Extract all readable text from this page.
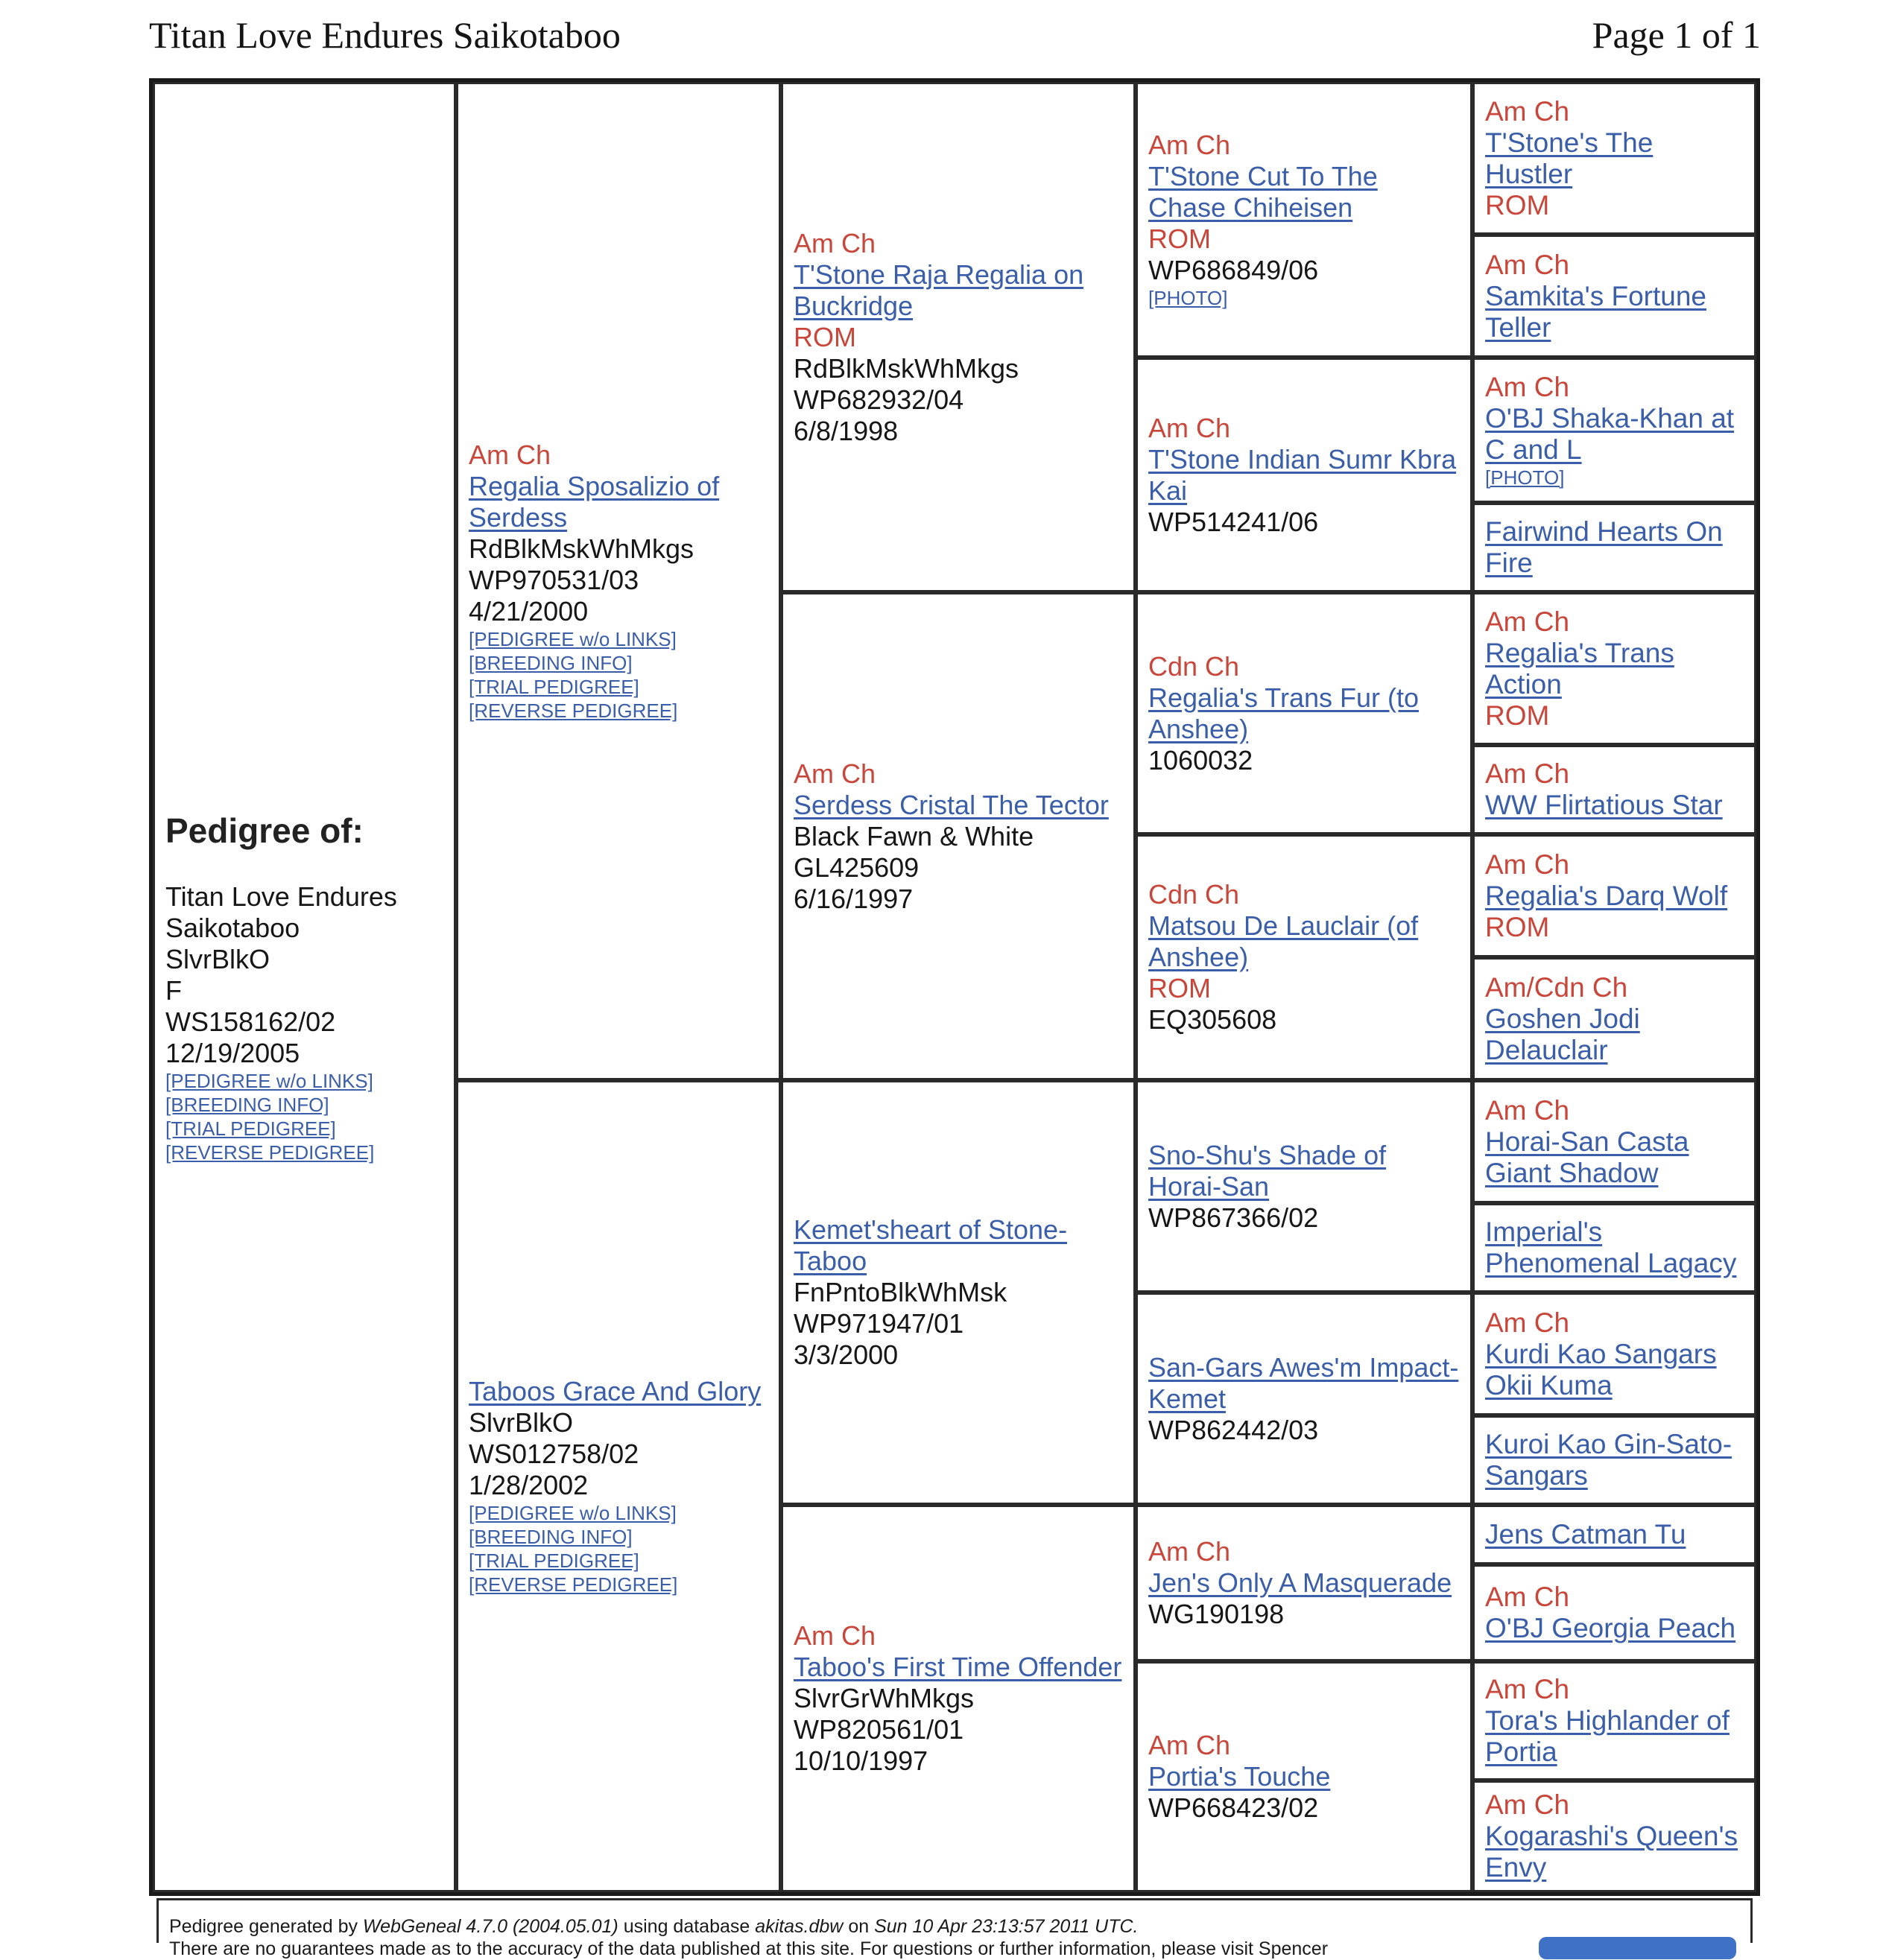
Titan Love Endures Saikotaboo	Page 1 of 1
Pedigree of:
Titan Love Endures
Saikotaboo
SlvrBlkO
F
WS158162/02
12/19/2005
[PEDIGREE w/o LINKS]
[BREEDING INFO]
[TRIAL PEDIGREE]
[REVERSE PEDIGREE]
Am Ch
Regalia Sposalizio of Serdess
RdBlkMskWhMkgs
WP970531/03
4/21/2000
[PEDIGREE w/o LINKS]
[BREEDING INFO]
[TRIAL PEDIGREE]
[REVERSE PEDIGREE]
Taboos Grace And Glory
SlvrBlkO
WS012758/02
1/28/2002
[PEDIGREE w/o LINKS]
[BREEDING INFO]
[TRIAL PEDIGREE]
[REVERSE PEDIGREE]
Am Ch
T'Stone Raja Regalia on Buckridge
ROM
RdBlkMskWhMkgs
WP682932/04
6/8/1998
Am Ch
Serdess Cristal The Tector
Black Fawn & White
GL425609
6/16/1997
Kemet'sheart of Stone-Taboo
FnPntoBlkWhMsk
WP971947/01
3/3/2000
Am Ch
Taboo's First Time Offender
SlvrGrWhMkgs
WP820561/01
10/10/1997
Am Ch
T'Stone Cut To The Chase Chiheisen
ROM
WP686849/06
[PHOTO]
Am Ch
T'Stone Indian Sumr Kbra Kai
WP514241/06
Cdn Ch
Regalia's Trans Fur (to Anshee)
1060032
Cdn Ch
Matsou De Lauclair (of Anshee)
ROM
EQ305608
Sno-Shu's Shade of Horai-San
WP867366/02
San-Gars Awes'm Impact-Kemet
WP862442/03
Am Ch
Jen's Only A Masquerade
WG190198
Am Ch
Portia's Touche
WP668423/02
Am Ch
T'Stone's The Hustler
ROM
Am Ch
Samkita's Fortune Teller
Am Ch
O'BJ Shaka-Khan at C and L
[PHOTO]
Fairwind Hearts On Fire
Am Ch
Regalia's Trans Action
ROM
Am Ch
WW Flirtatious Star
Am Ch
Regalia's Darq Wolf
ROM
Am/Cdn Ch
Goshen Jodi Delauclair
Am Ch
Horai-San Casta Giant Shadow
Imperial's Phenomenal Lagacy
Am Ch
Kurdi Kao Sangars Okii Kuma
Kuroi Kao Gin-Sato-Sangars
Jens Catman Tu
Am Ch
O'BJ Georgia Peach
Am Ch
Tora's Highlander of Portia
Am Ch
Kogarashi's Queen's Envy
Pedigree generated by WebGeneal 4.7.0 (2004.05.01) using database akitas.dbw on Sun 10 Apr 23:13:57 2011 UTC.
There are no guarantees made as to the accuracy of the data published at this site. For questions or further information, please visit Spencer
